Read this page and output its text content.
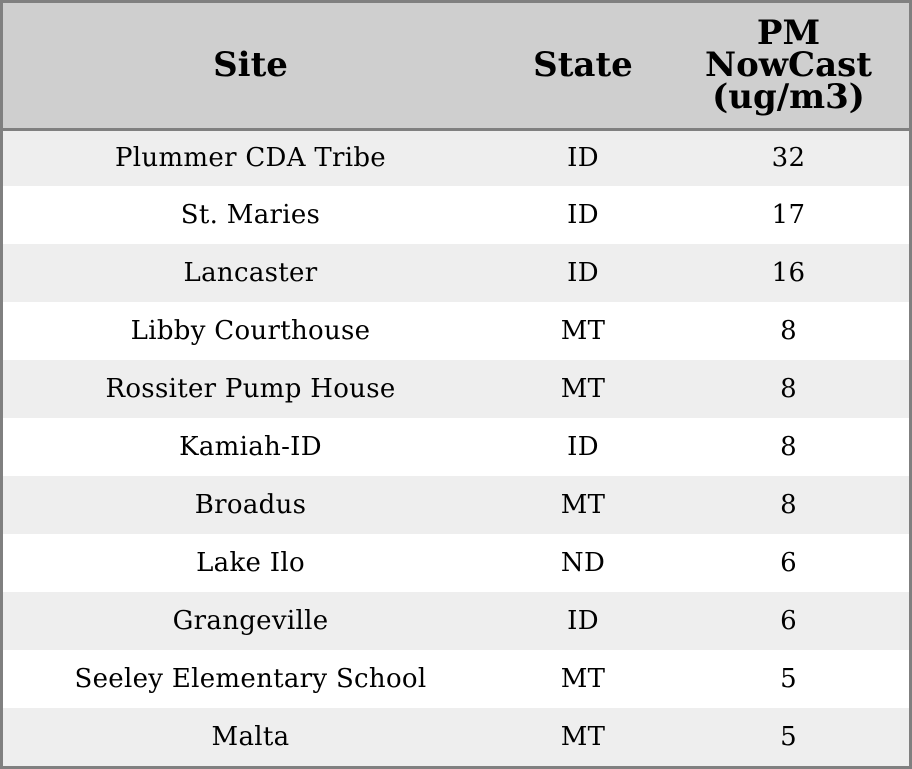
Site	State	PM
NowCast
(ug/m3)

Plummer CDA Tribe	ID	32
St. Maries	ID	17
Lancaster	ID	16
Libby Courthouse	MT	8
Rossiter Pump House	MT	8
Kamiah-ID	ID	8
Broadus	MT	8
Lake Ilo	ND	6
Grangeville	ID	6
Seeley Elementary School	MT	5
Malta	MT	5
